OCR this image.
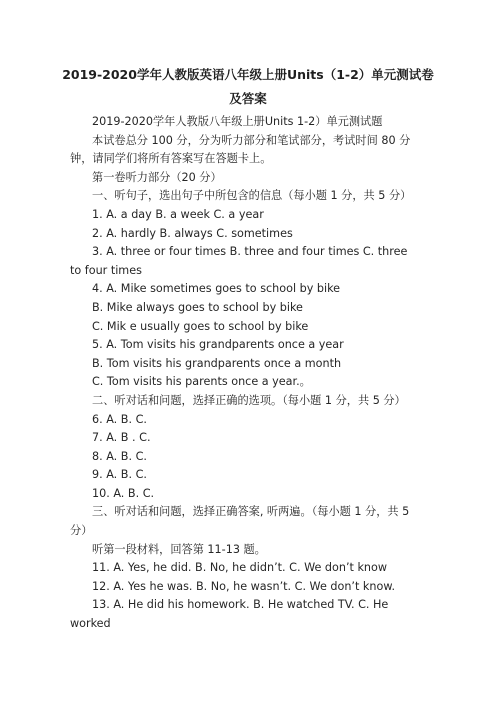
2019-2020学年人教版英语八年级上册Units（1-2）单元测试卷及答案

2019-2020学年人教版八年级上册Units 1-2）单元测试题

本试卷总分 100 分，分为听力部分和笔试部分，考试时间 80 分钟，请同学们将所有答案写在答题卡上。

第一卷听力部分（20 分）

一、听句子，选出句子中所包含的信息（每小题 1 分，共 5 分）

1. A. a day B. a week C. a year

2. A. hardly B. always C. sometimes

3. A. three or four times B. three and four times C. three to four times

4. A. Mike sometimes goes to school by bike

B. Mike always goes to school by bike

C. Mik e usually goes to school by bike

5. A. Tom visits his grandparents once a year

B. Tom visits his grandparents once a month

C. Tom visits his parents once a year.。

二、听对话和问题，选择正确的选项。（每小题 1 分，共 5 分）

6. A. B. C.

7. A. B . C.

8. A. B. C.

9. A. B. C.

10. A. B. C.

三、听对话和问题，选择正确答案, 听两遍。（每小题 1 分，共 5 分）

听第一段材料，回答第 11-13 题。

11. A. Yes, he did. B. No, he didn’t. C. We don’t know

12. A. Yes he was. B. No, he wasn’t. C. We don’t know.

13. A. He did his homework. B. He watched TV. C. He worked
